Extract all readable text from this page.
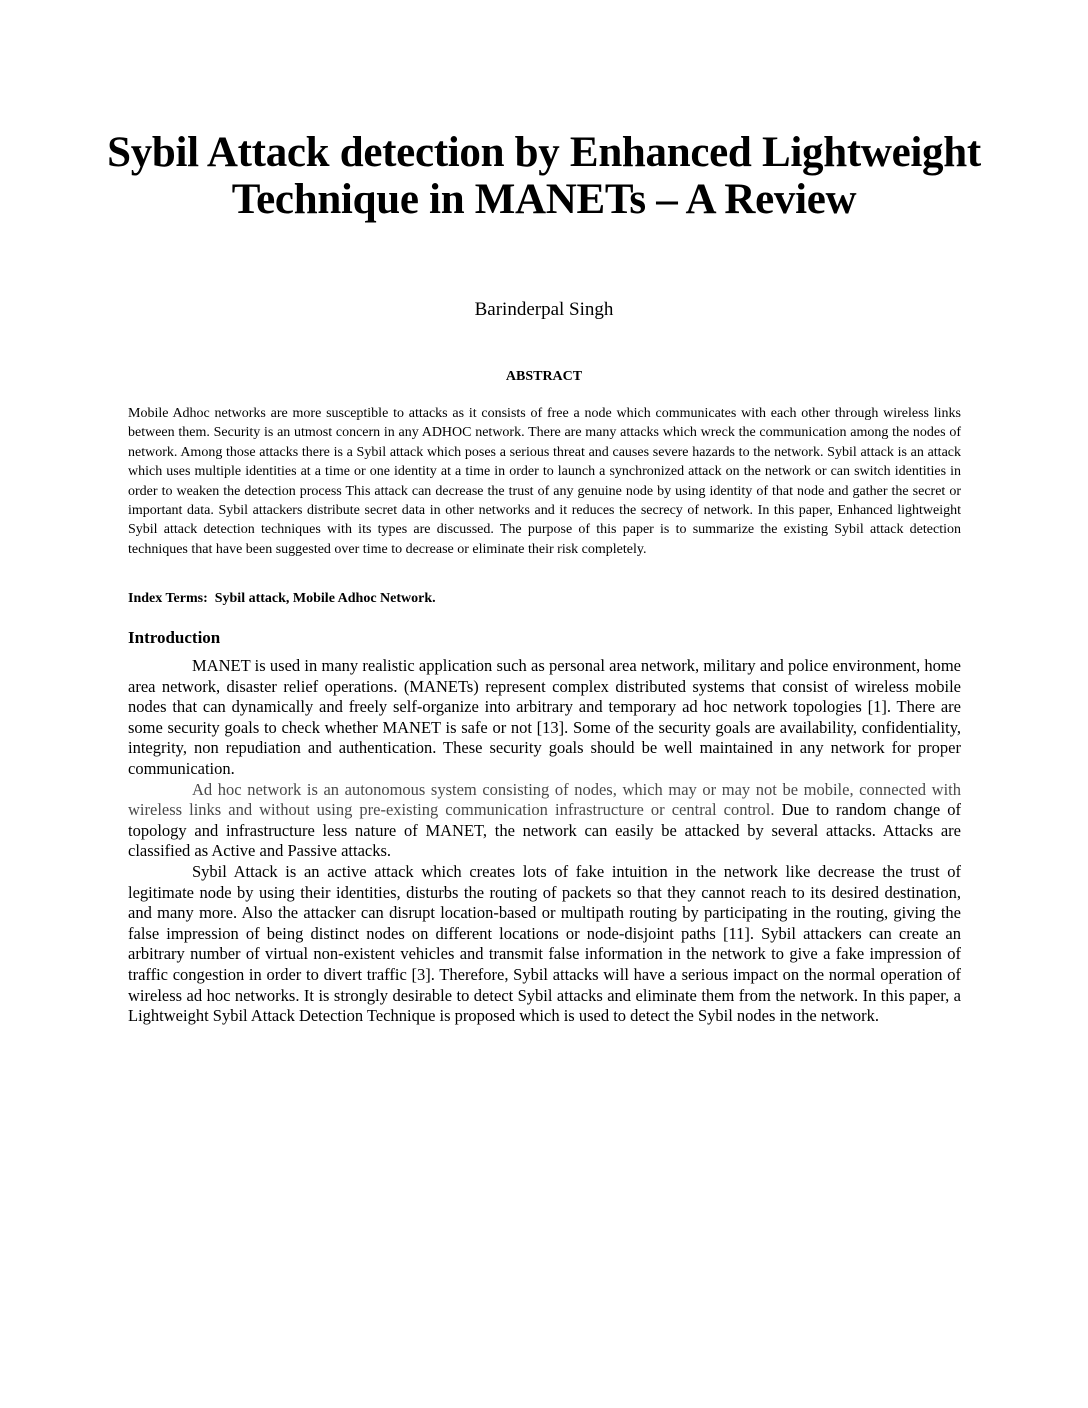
Sybil Attack detection by Enhanced Lightweight Technique in MANETs – A Review
Barinderpal Singh
ABSTRACT

Mobile Adhoc networks are more susceptible to attacks as it consists of free a node which communicates with each other through wireless links between them. Security is an utmost concern in any ADHOC network. There are many attacks which wreck the communication among the nodes of network. Among those attacks there is a Sybil attack which poses a serious threat and causes severe hazards to the network. Sybil attack is an attack which uses multiple identities at a time or one identity at a time in order to launch a synchronized attack on the network or can switch identities in order to weaken the detection process This attack can decrease the trust of any genuine node by using identity of that node and gather the secret or important data. Sybil attackers distribute secret data in other networks and it reduces the secrecy of network. In this paper, Enhanced lightweight Sybil attack detection techniques with its types are discussed. The purpose of this paper is to summarize the existing Sybil attack detection techniques that have been suggested over time to decrease or eliminate their risk completely.

Index Terms:  Sybil attack, Mobile Adhoc Network.
Introduction

MANET is used in many realistic application such as personal area network, military and police environment, home area network, disaster relief operations. (MANETs) represent complex distributed systems that consist of wireless mobile nodes that can dynamically and freely self-organize into arbitrary and temporary ad hoc network topologies [1]. There are some security goals to check whether MANET is safe or not [13]. Some of the security goals are availability, confidentiality, integrity, non repudiation and authentication. These security goals should be well maintained in any network for proper communication.

Ad hoc network is an autonomous system consisting of nodes, which may or may not be mobile, connected with wireless links and without using pre-existing communication infrastructure or central control. Due to random change of topology and infrastructure less nature of MANET, the network can easily be attacked by several attacks. Attacks are classified as Active and Passive attacks.

Sybil Attack is an active attack which creates lots of fake intuition in the network like decrease the trust of legitimate node by using their identities, disturbs the routing of packets so that they cannot reach to its desired destination, and many more. Also the attacker can disrupt location-based or multipath routing by participating in the routing, giving the false impression of being distinct nodes on different locations or node-disjoint paths [11]. Sybil attackers can create an arbitrary number of virtual non-existent vehicles and transmit false information in the network to give a fake impression of traffic congestion in order to divert traffic [3]. Therefore, Sybil attacks will have a serious impact on the normal operation of wireless ad hoc networks. It is strongly desirable to detect Sybil attacks and eliminate them from the network. In this paper, a Lightweight Sybil Attack Detection Technique is proposed which is used to detect the Sybil nodes in the network.
